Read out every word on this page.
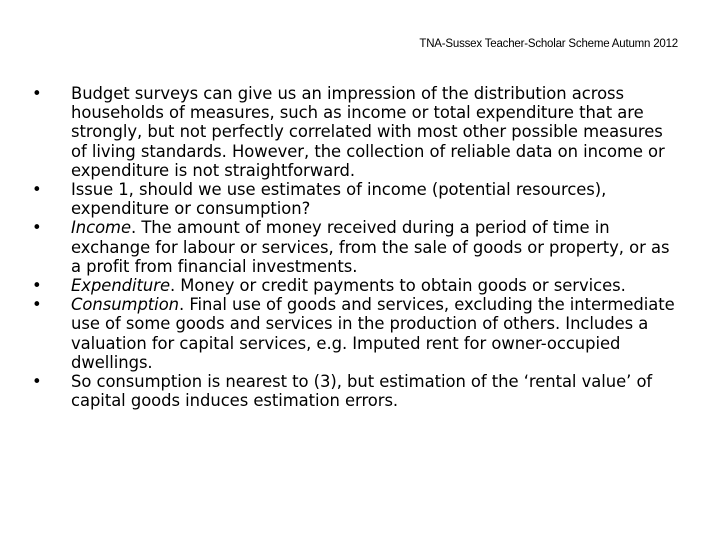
TNA-Sussex Teacher-Scholar Scheme Autumn 2012
• Budget surveys can give us an impression of the distribution across households of measures, such as income or total expenditure that are strongly, but not perfectly correlated with most other possible measures of living standards. However, the collection of reliable data on income or expenditure is not straightforward.
• Issue 1, should we use estimates of income (potential resources), expenditure or consumption?
• Income. The amount of money received during a period of time in exchange for labour or services, from the sale of goods or property, or as a profit from financial investments.
• Expenditure. Money or credit payments to obtain goods or services.
• Consumption. Final use of goods and services, excluding the intermediate use of some goods and services in the production of others. Includes a valuation for capital services, e.g. Imputed rent for owner-occupied dwellings.
• So consumption is nearest to (3), but estimation of the ‘rental value’ of capital goods induces estimation errors.
